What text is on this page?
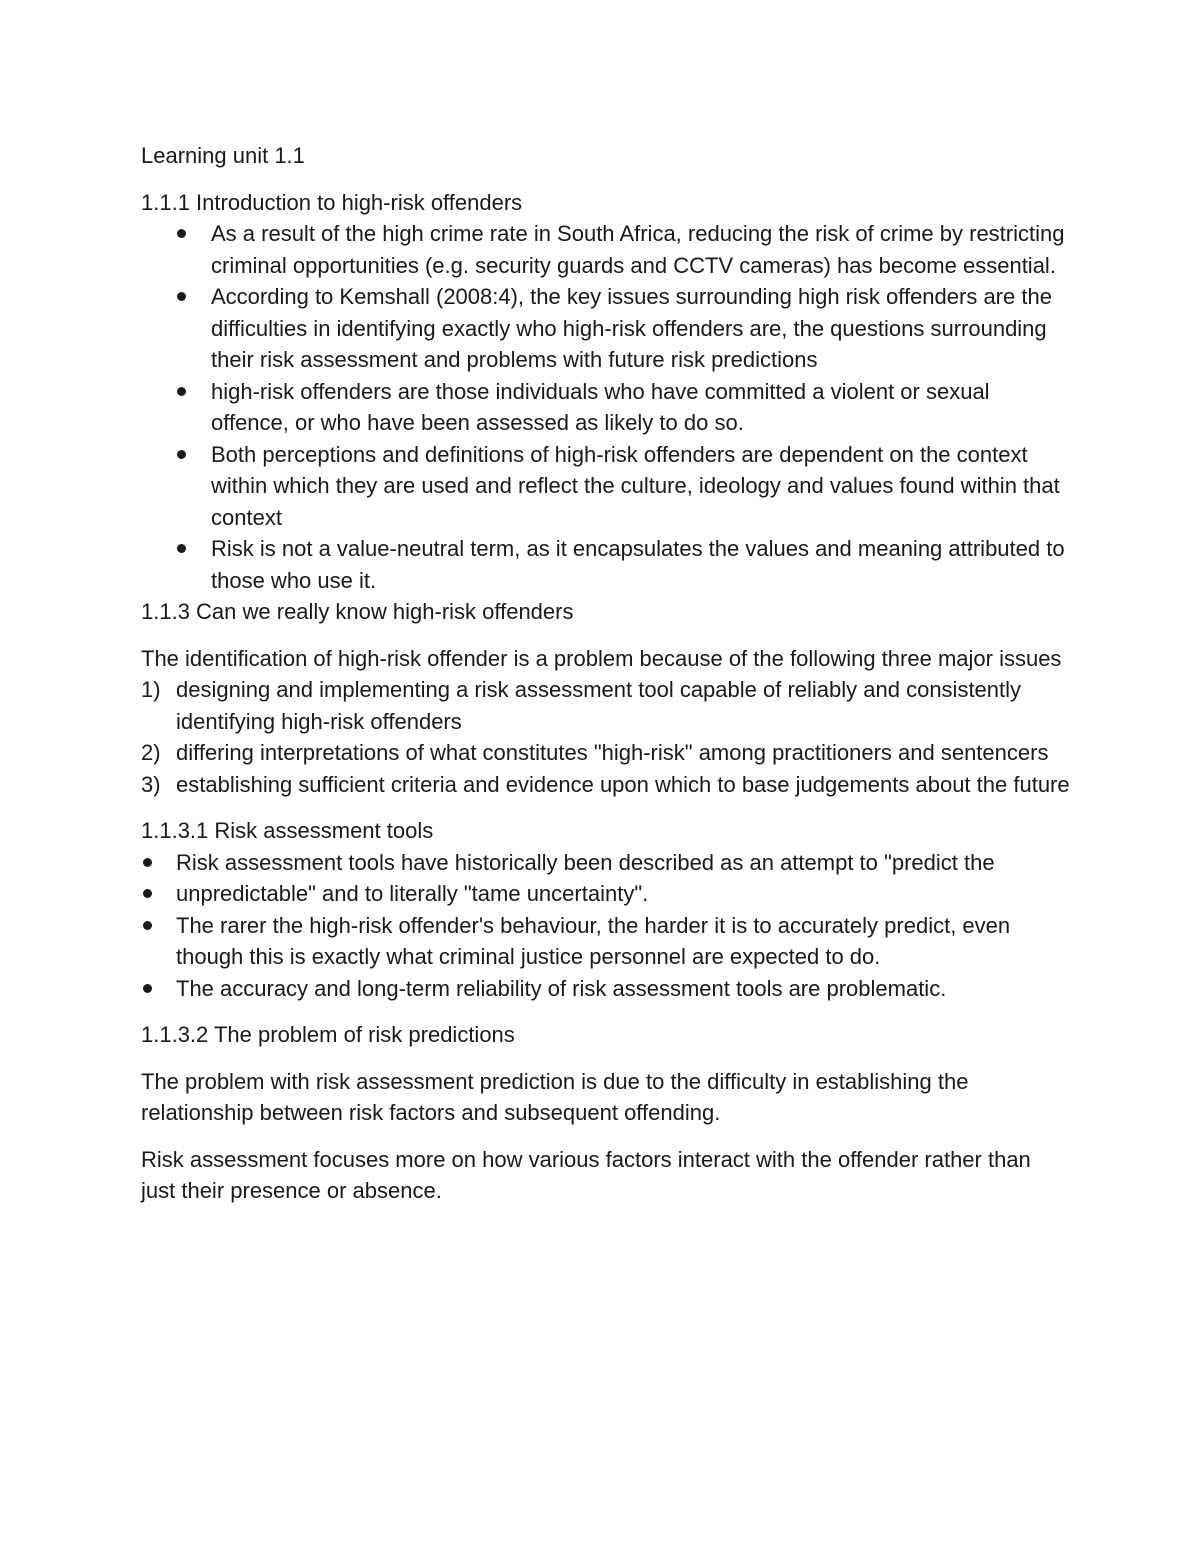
Learning unit 1.1

1.1.1 Introduction to high-risk offenders

As a result of the high crime rate in South Africa, reducing the risk of crime by restricting criminal opportunities (e.g. security guards and CCTV cameras) has become essential.
According to Kemshall (2008:4), the key issues surrounding high risk offenders are the difficulties in identifying exactly who high-risk offenders are, the questions surrounding their risk assessment and problems with future risk predictions
high-risk offenders are those individuals who have committed a violent or sexual offence, or who have been assessed as likely to do so.
Both perceptions and definitions of high-risk offenders are dependent on the context within which they are used and reflect the culture, ideology and values found within that context
Risk is not a value-neutral term, as it encapsulates the values and meaning attributed to those who use it.

1.1.3 Can we really know high-risk offenders

The identification of high-risk offender is a problem because of the following three major issues

1) designing and implementing a risk assessment tool capable of reliably and consistently identifying high-risk offenders
2) differing interpretations of what constitutes "high-risk" among practitioners and sentencers
3) establishing sufficient criteria and evidence upon which to base judgements about the future

1.1.3.1 Risk assessment tools

Risk assessment tools have historically been described as an attempt to "predict the
unpredictable" and to literally "tame uncertainty".
The rarer the high-risk offender's behaviour, the harder it is to accurately predict, even though this is exactly what criminal justice personnel are expected to do.
The accuracy and long-term reliability of risk assessment tools are problematic.

1.1.3.2 The problem of risk predictions

The problem with risk assessment prediction is due to the difficulty in establishing the relationship between risk factors and subsequent offending.

Risk assessment focuses more on how various factors interact with the offender rather than just their presence or absence.
